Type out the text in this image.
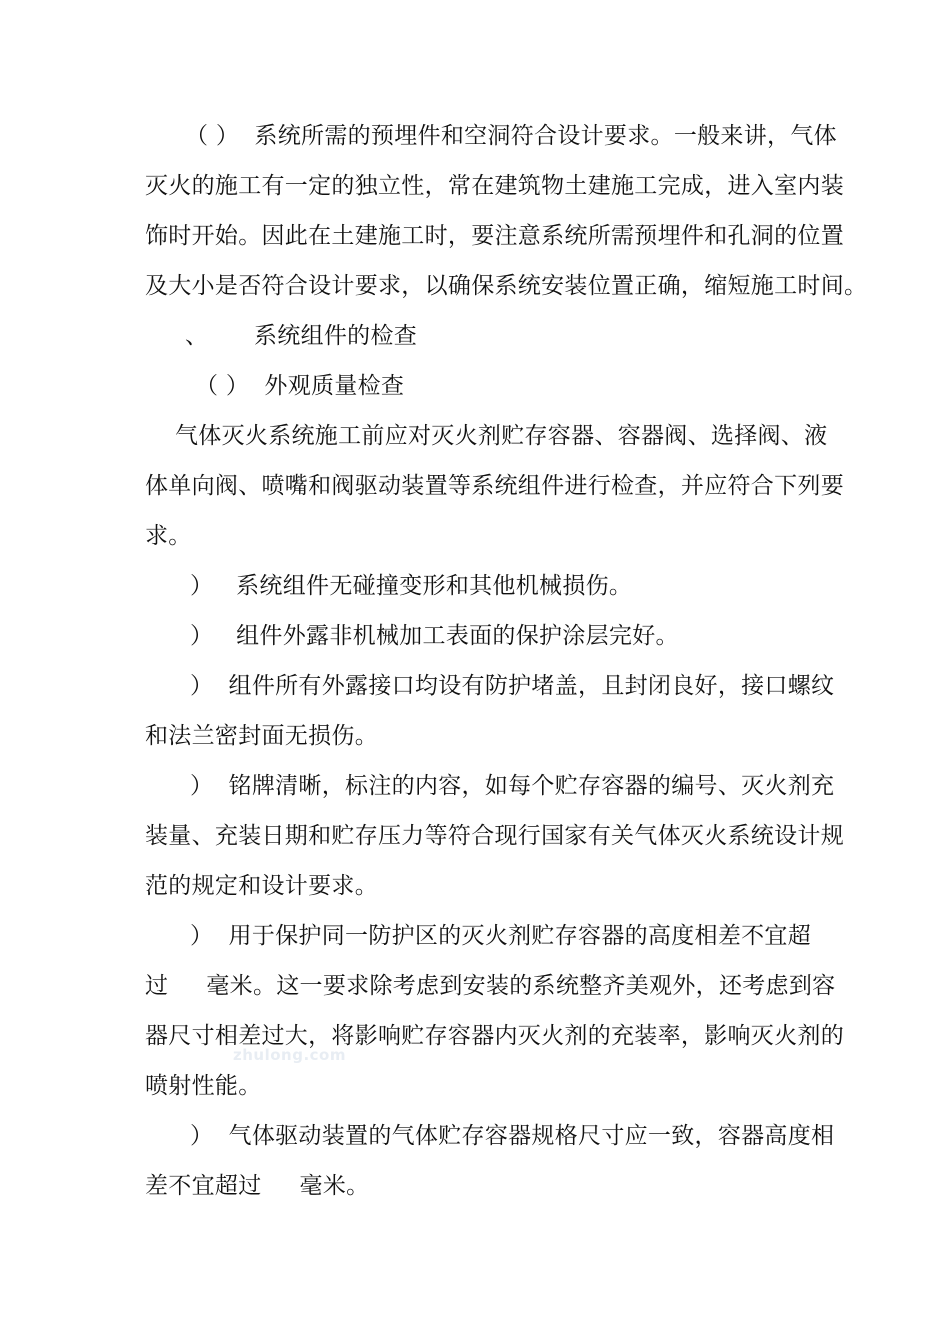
（ ）  系统所需的预埋件和空洞符合设计要求。一般来讲，气体
灭火的施工有一定的独立性，常在建筑物土建施工完成，进入室内装
饰时开始。因此在土建施工时，要注意系统所需预埋件和孔洞的位置
及大小是否符合设计要求，以确保系统安装位置正确，缩短施工时间。
、      系统组件的检查
（ ）  外观质量检查
气体灭火系统施工前应对灭火剂贮存容器、容器阀、选择阀、液
体单向阀、喷嘴和阀驱动装置等系统组件进行检查，并应符合下列要
求。
）   系统组件无碰撞变形和其他机械损伤。
）   组件外露非机械加工表面的保护涂层完好。
）  组件所有外露接口均设有防护堵盖，且封闭良好，接口螺纹
和法兰密封面无损伤。
）  铭牌清晰，标注的内容，如每个贮存容器的编号、灭火剂充
装量、充装日期和贮存压力等符合现行国家有关气体灭火系统设计规
范的规定和设计要求。
）  用于保护同一防护区的灭火剂贮存容器的高度相差不宜超
过     毫米。这一要求除考虑到安装的系统整齐美观外，还考虑到容
器尺寸相差过大，将影响贮存容器内灭火剂的充装率，影响灭火剂的
喷射性能。
）  气体驱动装置的气体贮存容器规格尺寸应一致，容器高度相
差不宜超过     毫米。
zhulong.com
